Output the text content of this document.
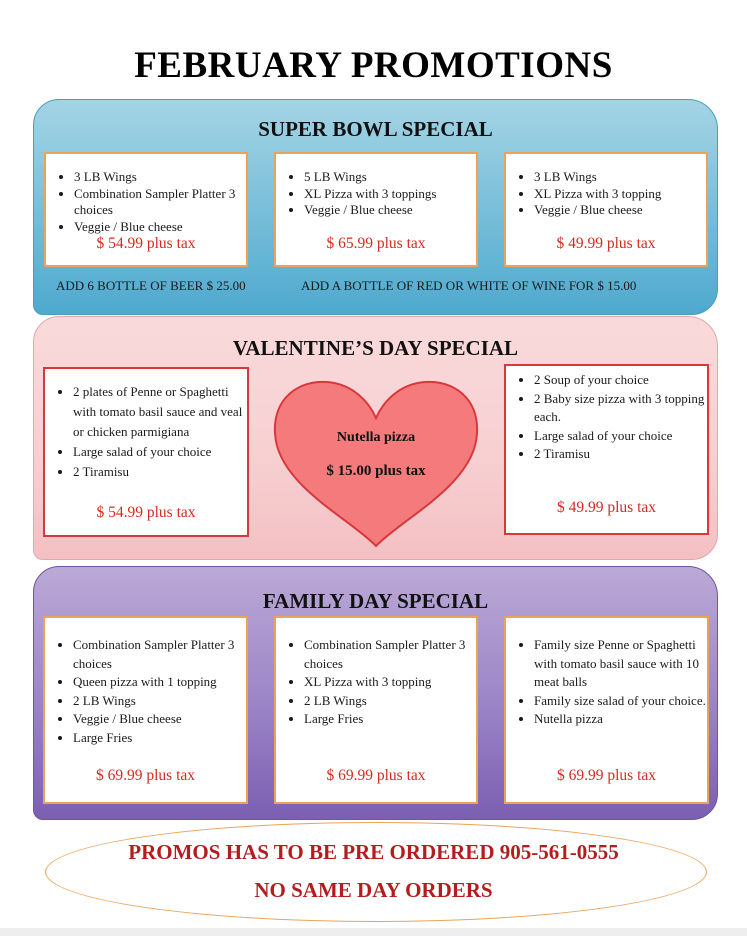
FEBRUARY PROMOTIONS
SUPER BOWL SPECIAL
• 3 LB Wings
• Combination Sampler Platter 3 choices
• Veggie / Blue cheese
$ 54.99 plus tax
• 5 LB Wings
• XL Pizza with 3 toppings
• Veggie / Blue cheese
$ 65.99 plus tax
• 3 LB Wings
• XL Pizza with 3 topping
• Veggie / Blue cheese
$ 49.99 plus tax
ADD 6 BOTTLE OF BEER $ 25.00	ADD A BOTTLE OF RED OR WHITE OF WINE FOR $ 15.00
VALENTINE’S DAY SPECIAL
• 2 plates of Penne or Spaghetti with tomato basil sauce and veal or chicken parmigiana
• Large salad of your choice
• 2 Tiramisu
$ 54.99 plus tax
• 2 Soup of your choice
• 2 Baby size pizza with 3 topping each.
• Large salad of your choice
• 2 Tiramisu
$ 49.99 plus tax
Nutella pizza
$ 15.00 plus tax
FAMILY DAY SPECIAL
• Combination Sampler Platter 3 choices
• Queen pizza with 1 topping
• 2 LB Wings
• Veggie / Blue cheese
• Large Fries
$ 69.99 plus tax
• Combination Sampler Platter 3 choices
• XL Pizza with 3 topping
• 2 LB Wings
• Large Fries
$ 69.99 plus tax
• Family size Penne or Spaghetti with tomato basil sauce with 10 meat balls
• Family size salad of your choice.
• Nutella pizza
$ 69.99 plus tax
PROMOS HAS TO BE PRE ORDERED 905-561-0555
NO SAME DAY ORDERS
